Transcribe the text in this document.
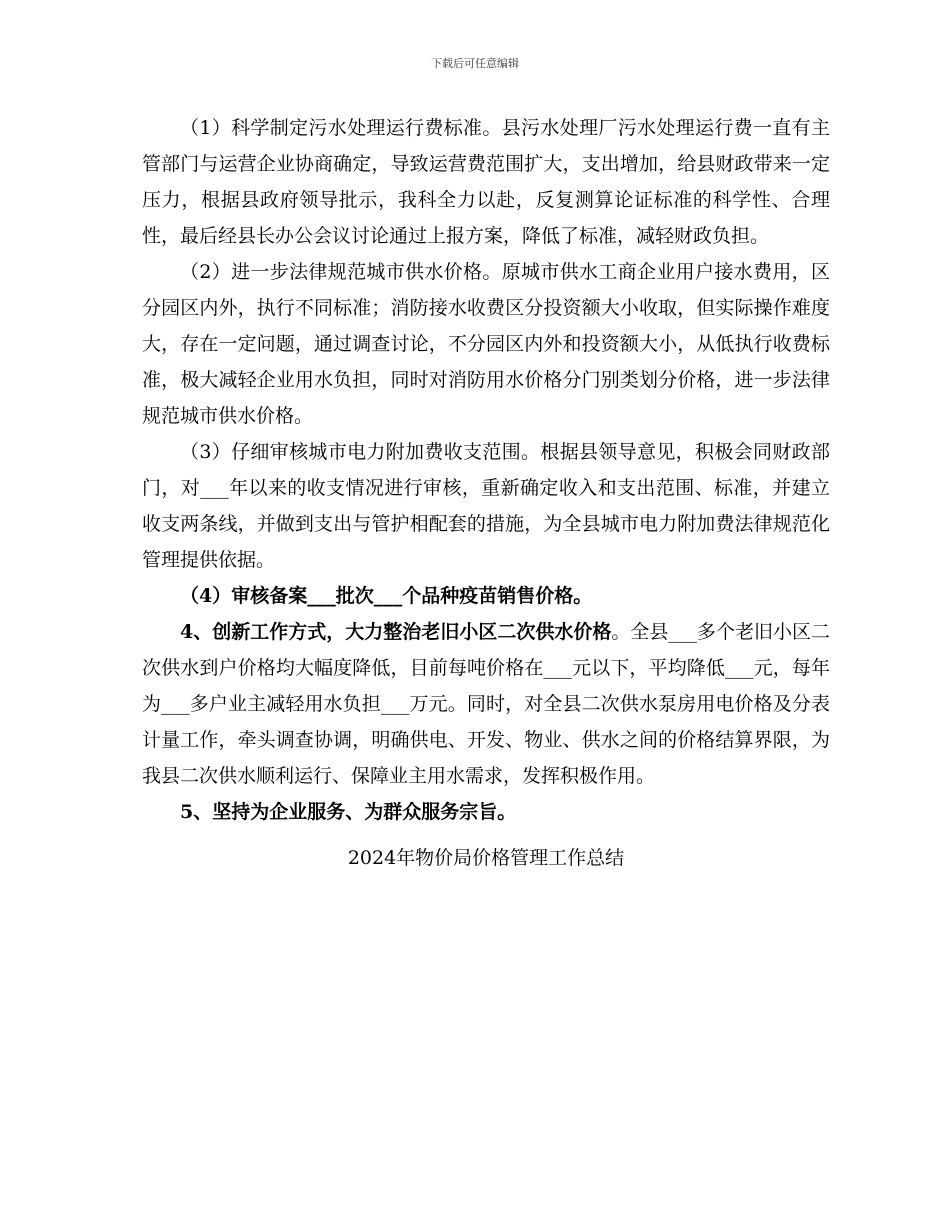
下载后可任意编辑

（1）科学制定污水处理运行费标准。县污水处理厂污水处理运行费一直有主管部门与运营企业协商确定，导致运营费范围扩大，支出增加，给县财政带来一定压力，根据县政府领导批示，我科全力以赴，反复测算论证标准的科学性、合理性，最后经县长办公会议讨论通过上报方案，降低了标准，减轻财政负担。

（2）进一步法律规范城市供水价格。原城市供水工商企业用户接水费用，区分园区内外，执行不同标准；消防接水收费区分投资额大小收取，但实际操作难度大，存在一定问题，通过调查讨论，不分园区内外和投资额大小，从低执行收费标准，极大减轻企业用水负担，同时对消防用水价格分门别类划分价格，进一步法律规范城市供水价格。

（3）仔细审核城市电力附加费收支范围。根据县领导意见，积极会同财政部门，对___年以来的收支情况进行审核，重新确定收入和支出范围、标准，并建立收支两条线，并做到支出与管护相配套的措施，为全县城市电力附加费法律规范化管理提供依据。

（4）审核备案___批次___个品种疫苗销售价格。

4、创新工作方式，大力整治老旧小区二次供水价格。全县___多个老旧小区二次供水到户价格均大幅度降低，目前每吨价格在___元以下，平均降低___元，每年为___多户业主减轻用水负担___万元。同时，对全县二次供水泵房用电价格及分表计量工作，牵头调查协调，明确供电、开发、物业、供水之间的价格结算界限，为我县二次供水顺利运行、保障业主用水需求，发挥积极作用。

5、坚持为企业服务、为群众服务宗旨。

2024年物价局价格管理工作总结
